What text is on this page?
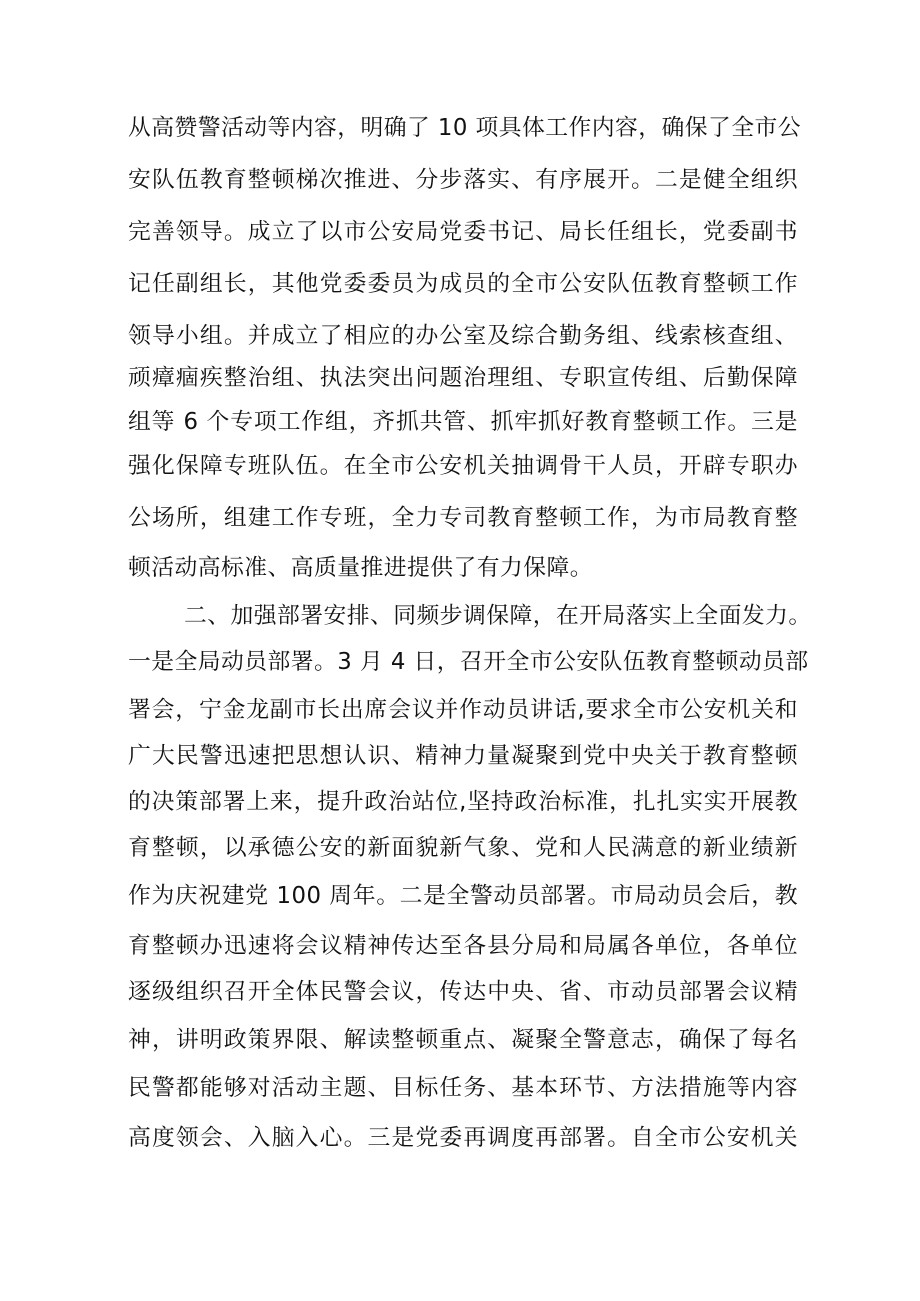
从高赞警活动等内容，明确了 10 项具体工作内容，确保了全市公
安队伍教育整顿梯次推进、分步落实、有序展开。二是健全组织
完善领导。成立了以市公安局党委书记、局长任组长，党委副书
记任副组长，其他党委委员为成员的全市公安队伍教育整顿工作
领导小组。并成立了相应的办公室及综合勤务组、线索核查组、
顽瘴痼疾整治组、执法突出问题治理组、专职宣传组、后勤保障
组等 6 个专项工作组，齐抓共管、抓牢抓好教育整顿工作。三是
强化保障专班队伍。在全市公安机关抽调骨干人员，开辟专职办
公场所，组建工作专班，全力专司教育整顿工作，为市局教育整
顿活动高标准、高质量推进提供了有力保障。
二、加强部署安排、同频步调保障，在开局落实上全面发力。
一是全局动员部署。3 月 4 日，召开全市公安队伍教育整顿动员部
署会，宁金龙副市长出席会议并作动员讲话,要求全市公安机关和
广大民警迅速把思想认识、精神力量凝聚到党中央关于教育整顿
的决策部署上来，提升政治站位,坚持政治标准，扎扎实实开展教
育整顿，以承德公安的新面貌新气象、党和人民满意的新业绩新
作为庆祝建党 100 周年。二是全警动员部署。市局动员会后，教
育整顿办迅速将会议精神传达至各县分局和局属各单位，各单位
逐级组织召开全体民警会议，传达中央、省、市动员部署会议精
神，讲明政策界限、解读整顿重点、凝聚全警意志，确保了每名
民警都能够对活动主题、目标任务、基本环节、方法措施等内容
高度领会、入脑入心。三是党委再调度再部署。自全市公安机关
